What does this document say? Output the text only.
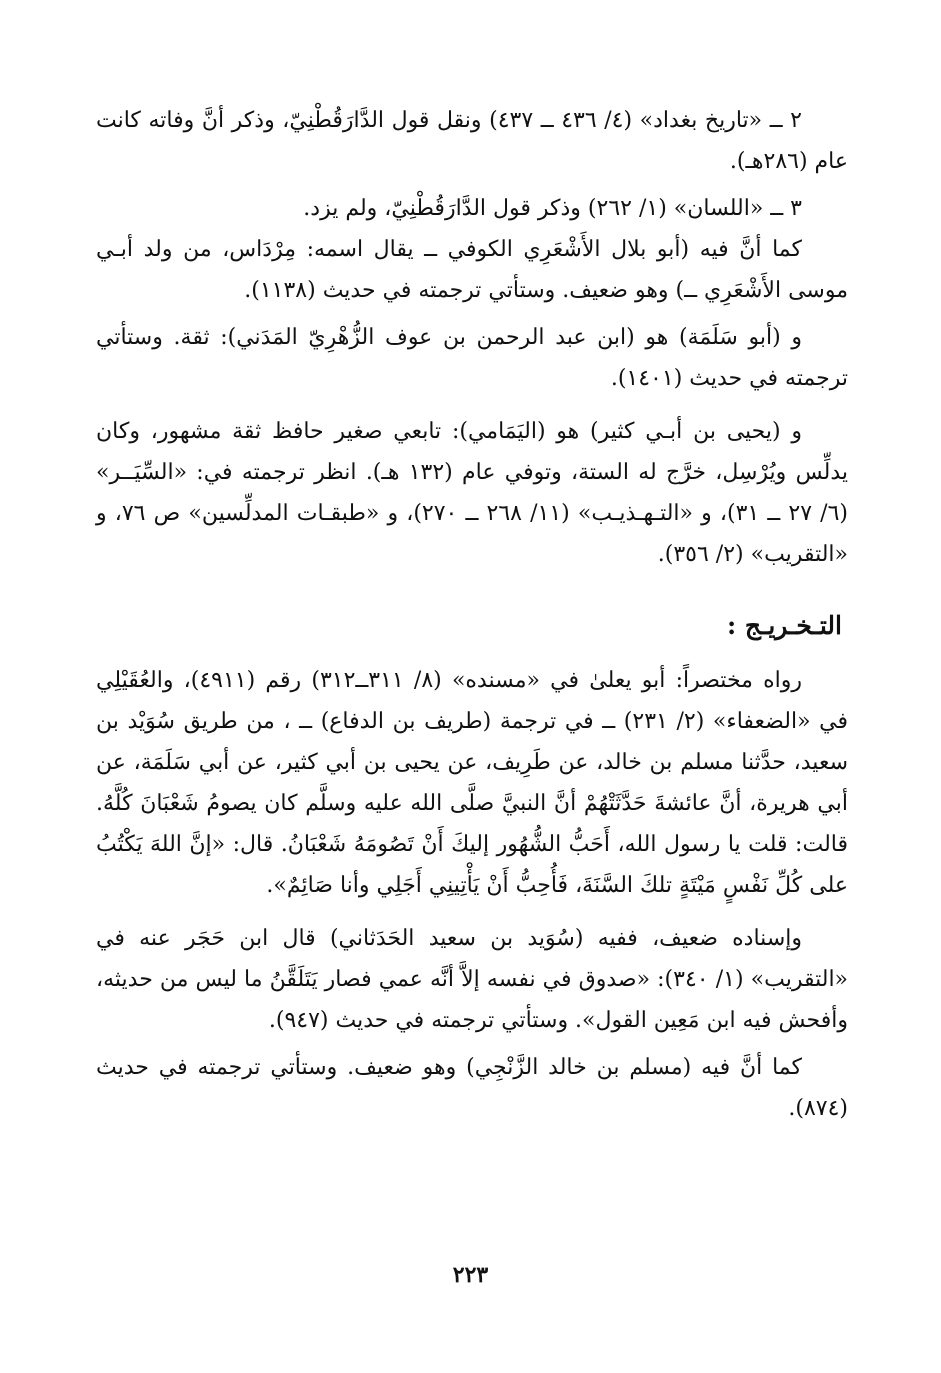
٢ ــ «تاريخ بغداد» (٤/ ٤٣٦ ــ ٤٣٧) ونقل قول الدَّارَقُطْنِيّ، وذكر أنَّ وفاته كانت عام (٢٨٦هـ).

٣ ــ «اللسان» (١/ ٢٦٢) وذكر قول الدَّارَقُطْنِيّ، ولم يزد.

كما أنَّ فيه (أبو بلال الأَشْعَرِي الكوفي ــ يقال اسمه: مِرْدَاس، من ولد أبـي موسى الأَشْعَرِي ــ) وهو ضعيف. وستأتي ترجمته في حديث (١١٣٨).

و (أبو سَلَمَة) هو (ابن عبد الرحمن بن عوف الزُّهْرِيّ المَدَني): ثقة. وستأتي ترجمته في حديث (١٤٠١).

و (يحيى بن أبـي كثير) هو (اليَمَامي): تابعي صغير حافظ ثقة مشهور، وكان يدلِّس ويُرْسِل، خرَّج له الستة، وتوفي عام (١٣٢ هـ). انظر ترجمته في: «السِّيَــر» (٦/ ٢٧ ــ ٣١)، و «التـهـذيـب» (١١/ ٢٦٨ ــ ٢٧٠)، و «طبقـات المدلِّسين» ص ٧٦، و «التقريب» (٢/ ٣٥٦).

التـخـريـج :

رواه مختصراً: أبو يعلىٰ في «مسنده» (٨/ ٣١١ــ٣١٢) رقم (٤٩١١)، والعُقَيْلِي في «الضعفاء» (٢/ ٢٣١) ــ في ترجمة (طريف بن الدفاع) ــ ، من طريق سُوَيْد بن سعيد، حدَّثنا مسلم بن خالد، عن طَرِيف، عن يحيى بن أبي كثير، عن أبي سَلَمَة، عن أبي هريرة، أنَّ عائشةَ حَدَّثَتْهُمْ أنَّ النبيَّ صلَّى الله عليه وسلَّم كان يصومُ شَعْبَانَ كُلَّهُ. قالت: قلت يا رسول الله، أَحَبُّ الشُّهُور إليكَ أَنْ تَصُومَهُ شَعْبَانُ. قال: «إنَّ اللهَ يَكْتُبُ على كُلِّ نَفْسٍ مَيْتَةٍ تلكَ السَّنَةَ، فَأُحِبُّ أَنْ يَأْتِينِي أَجَلِي وأنا صَائِمٌ».

وإسناده ضعيف، ففيه (سُوَيد بن سعيد الحَدَثاني) قال ابن حَجَر عنه في «التقريب» (١/ ٣٤٠): «صدوق في نفسه إلاَّ أنَّه عمي فصار يَتَلَقَّنُ ما ليس من حديثه، وأفحش فيه ابن مَعِين القول». وستأتي ترجمته في حديث (٩٤٧).

كما أنَّ فيه (مسلم بن خالد الزَّنْجِي) وهو ضعيف. وستأتي ترجمته في حديث (٨٧٤).

٢٢٣
